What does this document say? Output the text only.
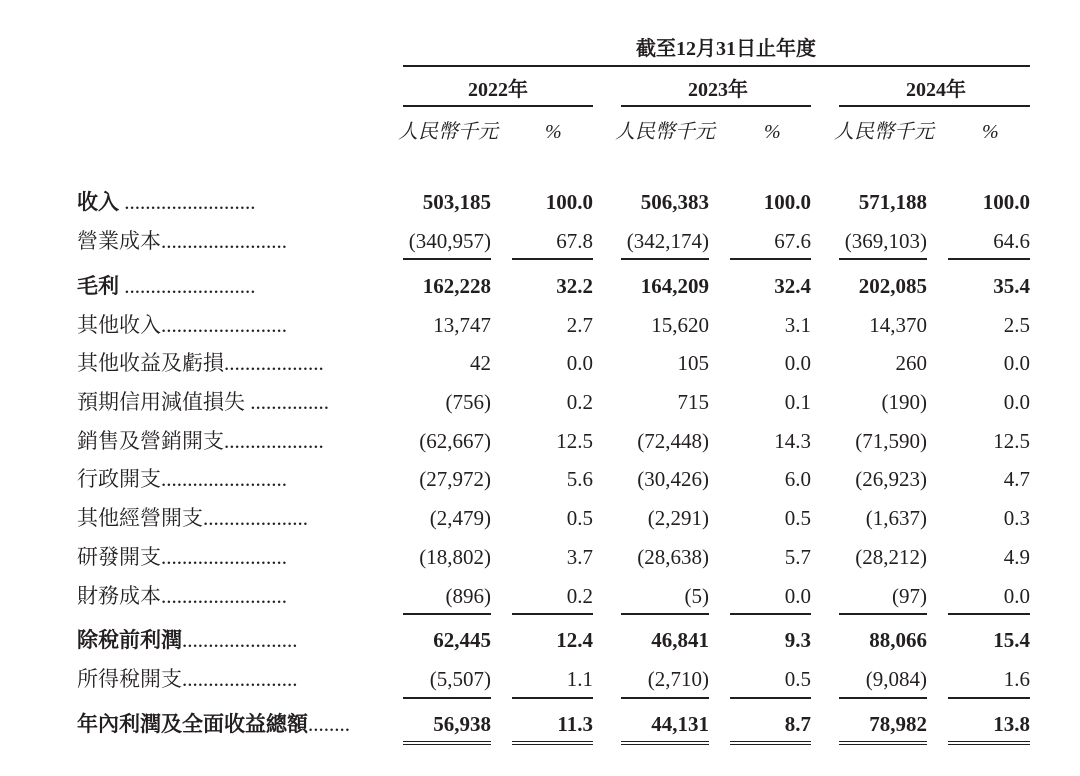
截至12月31日止年度
2022年	2023年	2024年
人民幣千元 %	人民幣千元 %	人民幣千元 %
收入 .........................	503,185	100.0 506,383	100.0 571,188	100.0
營業成本........................	(340,957)	67.8 (342,174)	67.6 (369,103)	64.6
毛利 .........................	162,228	32.2 164,209	32.4 202,085	35.4
其他收入........................	13,747	2.7	15,620	3.1	14,370	2.5
其他收益及虧損...................	42	0.0	105	0.0	260	0.0
預期信用減值損失 ...............	(756)	0.2	715	0.1	(190)	0.0
銷售及營銷開支...................	(62,667)	12.5 (72,448)	14.3 (71,590)	12.5
行政開支........................	(27,972)	5.6 (30,426)	6.0 (26,923)	4.7
其他經營開支....................	(2,479)	0.5	(2,291)	0.5	(1,637)	0.3
研發開支........................	(18,802)	3.7 (28,638)	5.7 (28,212)	4.9
財務成本........................	(896)	0.2	(5)	0.0	(97)	0.0
除稅前利潤......................	62,445	12.4	46,841	9.3	88,066	15.4
所得稅開支......................	(5,507)	1.1	(2,710)	0.5	(9,084)	1.6
年內利潤及全面收益總額........	56,938	11.3	44,131	8.7	78,982	13.8
